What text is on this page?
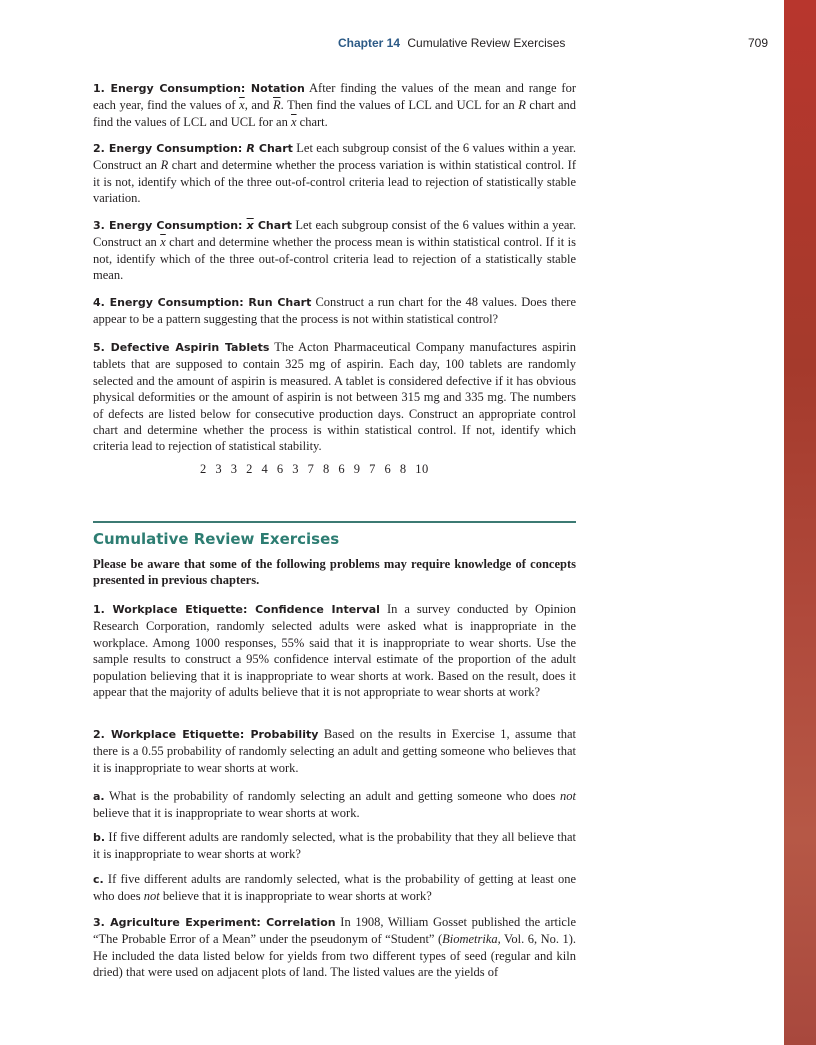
Chapter 14 Cumulative Review Exercises	709

1. Energy Consumption: Notation After finding the values of the mean and range for each year, find the values of $\overline{x}$, and $\overline{R}$. Then find the values of LCL and UCL for an R chart and find the values of LCL and UCL for an $\overline{x}$ chart.

2. Energy Consumption: R Chart Let each subgroup consist of the 6 values within a year. Construct an R chart and determine whether the process variation is within statistical control. If it is not, identify which of the three out-of-control criteria lead to rejection of statistically stable variation.

3. Energy Consumption: $\overline{x}$ Chart Let each subgroup consist of the 6 values within a year. Construct an $\overline{x}$ chart and determine whether the process mean is within statistical control. If it is not, identify which of the three out-of-control criteria lead to rejection of a statistically stable mean.

4. Energy Consumption: Run Chart Construct a run chart for the 48 values. Does there appear to be a pattern suggesting that the process is not within statistical control?

5. Defective Aspirin Tablets The Acton Pharmaceutical Company manufactures aspirin tablets that are supposed to contain 325 mg of aspirin. Each day, 100 tablets are randomly selected and the amount of aspirin is measured. A tablet is considered defective if it has obvious physical deformities or the amount of aspirin is not between 315 mg and 335 mg. The numbers of defects are listed below for consecutive production days. Construct an appropriate control chart and determine whether the process is within statistical control. If not, identify which criteria lead to rejection of statistical stability.

2 3 3 2 4 6 3 7 8 6 9 7 6 8 10
Cumulative Review Exercises

Please be aware that some of the following problems may require knowledge of concepts presented in previous chapters.

1. Workplace Etiquette: Confidence Interval In a survey conducted by Opinion Research Corporation, randomly selected adults were asked what is inappropriate in the workplace. Among 1000 responses, 55% said that it is inappropriate to wear shorts. Use the sample results to construct a 95% confidence interval estimate of the proportion of the adult population believing that it is inappropriate to wear shorts at work. Based on the result, does it appear that the majority of adults believe that it is not appropriate to wear shorts at work?

2. Workplace Etiquette: Probability Based on the results in Exercise 1, assume that there is a 0.55 probability of randomly selecting an adult and getting someone who believes that it is inappropriate to wear shorts at work.

a. What is the probability of randomly selecting an adult and getting someone who does not believe that it is inappropriate to wear shorts at work.

b. If five different adults are randomly selected, what is the probability that they all believe that it is inappropriate to wear shorts at work?

c. If five different adults are randomly selected, what is the probability of getting at least one who does not believe that it is inappropriate to wear shorts at work?

3. Agriculture Experiment: Correlation In 1908, William Gosset published the article “The Probable Error of a Mean” under the pseudonym of “Student” (Biometrika, Vol. 6, No. 1). He included the data listed below for yields from two different types of seed (regular and kiln dried) that were used on adjacent plots of land. The listed values are the yields of
